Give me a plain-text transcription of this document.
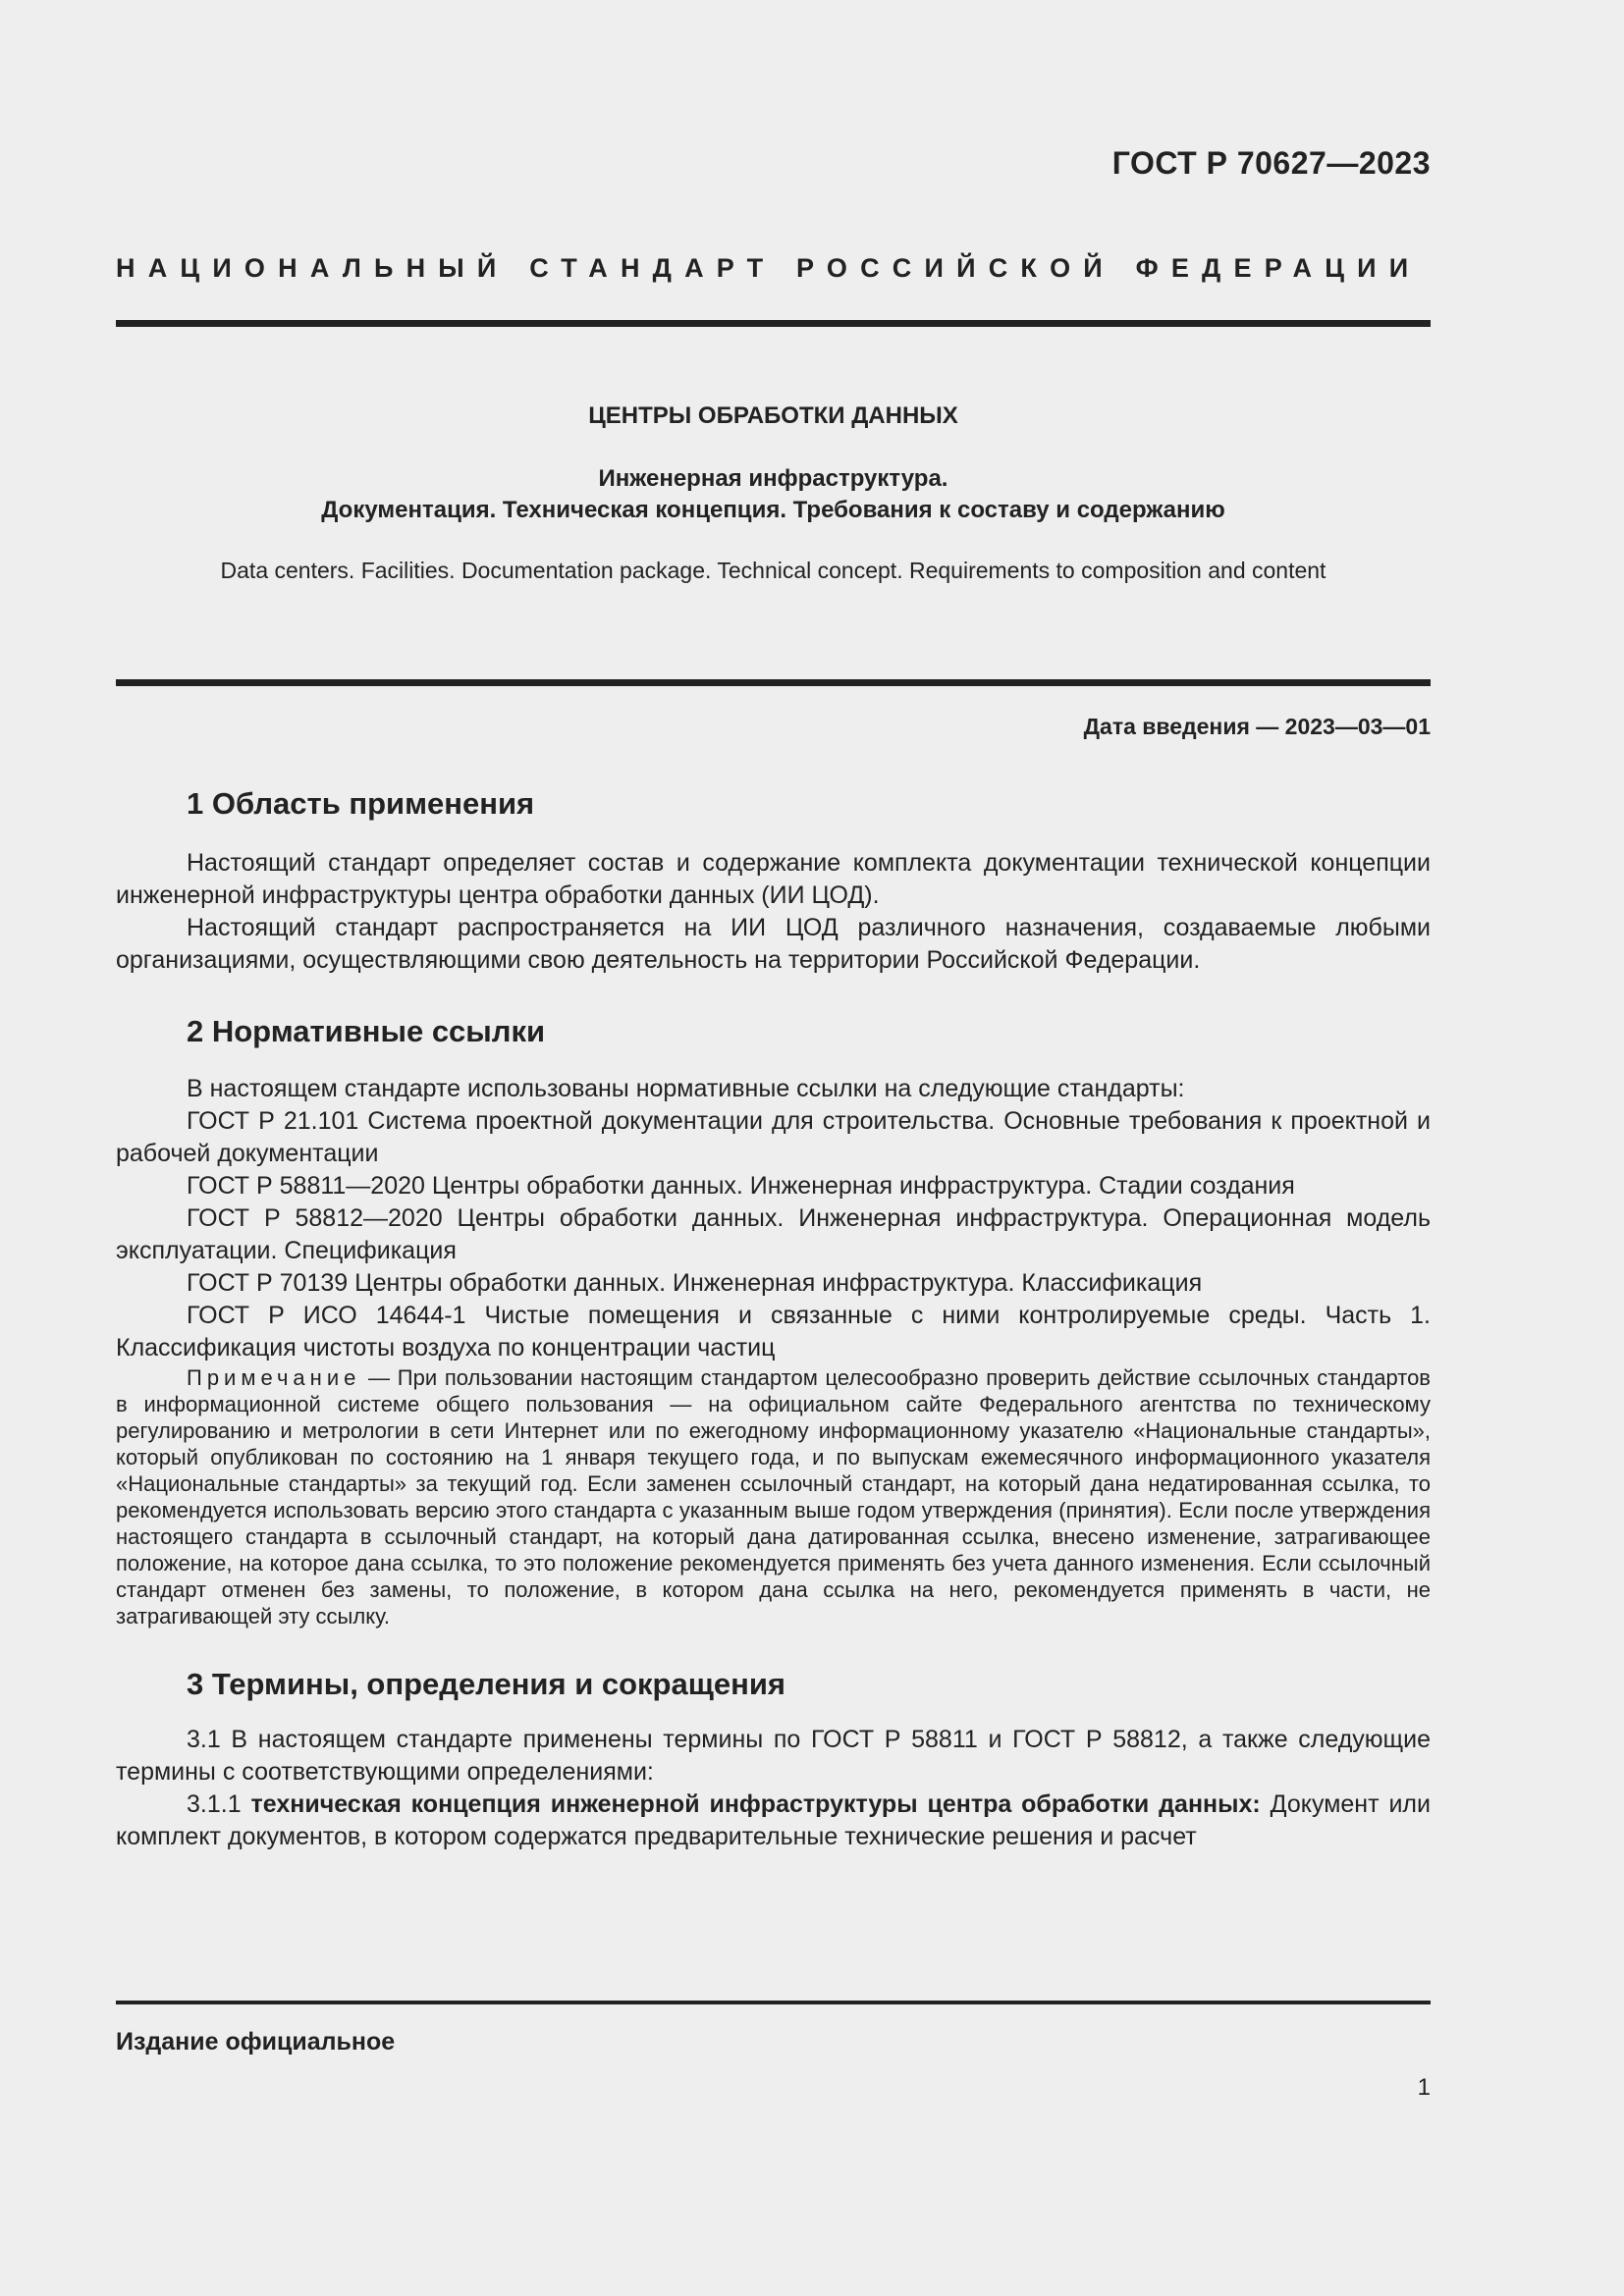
ГОСТ Р 70627—2023
НАЦИОНАЛЬНЫЙ СТАНДАРТ РОССИЙСКОЙ ФЕДЕРАЦИИ
ЦЕНТРЫ ОБРАБОТКИ ДАННЫХ
Инженерная инфраструктура.
Документация. Техническая концепция. Требования к составу и содержанию
Data centers. Facilities. Documentation package. Technical concept. Requirements to composition and content
Дата введения — 2023—03—01
1 Область применения

Настоящий стандарт определяет состав и содержание комплекта документации технической концепции инженерной инфраструктуры центра обработки данных (ИИ ЦОД).

Настоящий стандарт распространяется на ИИ ЦОД различного назначения, создаваемые любыми организациями, осуществляющими свою деятельность на территории Российской Федерации.

2 Нормативные ссылки

В настоящем стандарте использованы нормативные ссылки на следующие стандарты:

ГОСТ Р 21.101 Система проектной документации для строительства. Основные требования к проектной и рабочей документации

ГОСТ Р 58811—2020 Центры обработки данных. Инженерная инфраструктура. Стадии создания

ГОСТ Р 58812—2020 Центры обработки данных. Инженерная инфраструктура. Операционная модель эксплуатации. Спецификация

ГОСТ Р 70139 Центры обработки данных. Инженерная инфраструктура. Классификация

ГОСТ Р ИСО 14644-1 Чистые помещения и связанные с ними контролируемые среды. Часть 1. Классификация чистоты воздуха по концентрации частиц

Примечание — При пользовании настоящим стандартом целесообразно проверить действие ссылочных стандартов в информационной системе общего пользования — на официальном сайте Федерального агентства по техническому регулированию и метрологии в сети Интернет или по ежегодному информационному указателю «Национальные стандарты», который опубликован по состоянию на 1 января текущего года, и по выпускам ежемесячного информационного указателя «Национальные стандарты» за текущий год. Если заменен ссылочный стандарт, на который дана недатированная ссылка, то рекомендуется использовать версию этого стандарта с указанным выше годом утверждения (принятия). Если после утверждения настоящего стандарта в ссылочный стандарт, на который дана датированная ссылка, внесено изменение, затрагивающее положение, на которое дана ссылка, то это положение рекомендуется применять без учета данного изменения. Если ссылочный стандарт отменен без замены, то положение, в котором дана ссылка на него, рекомендуется применять в части, не затрагивающей эту ссылку.

3 Термины, определения и сокращения

3.1 В настоящем стандарте применены термины по ГОСТ Р 58811 и ГОСТ Р 58812, а также следующие термины с соответствующими определениями:

3.1.1 техническая концепция инженерной инфраструктуры центра обработки данных: Документ или комплект документов, в котором содержатся предварительные технические решения и расчет

Издание официальное
1
